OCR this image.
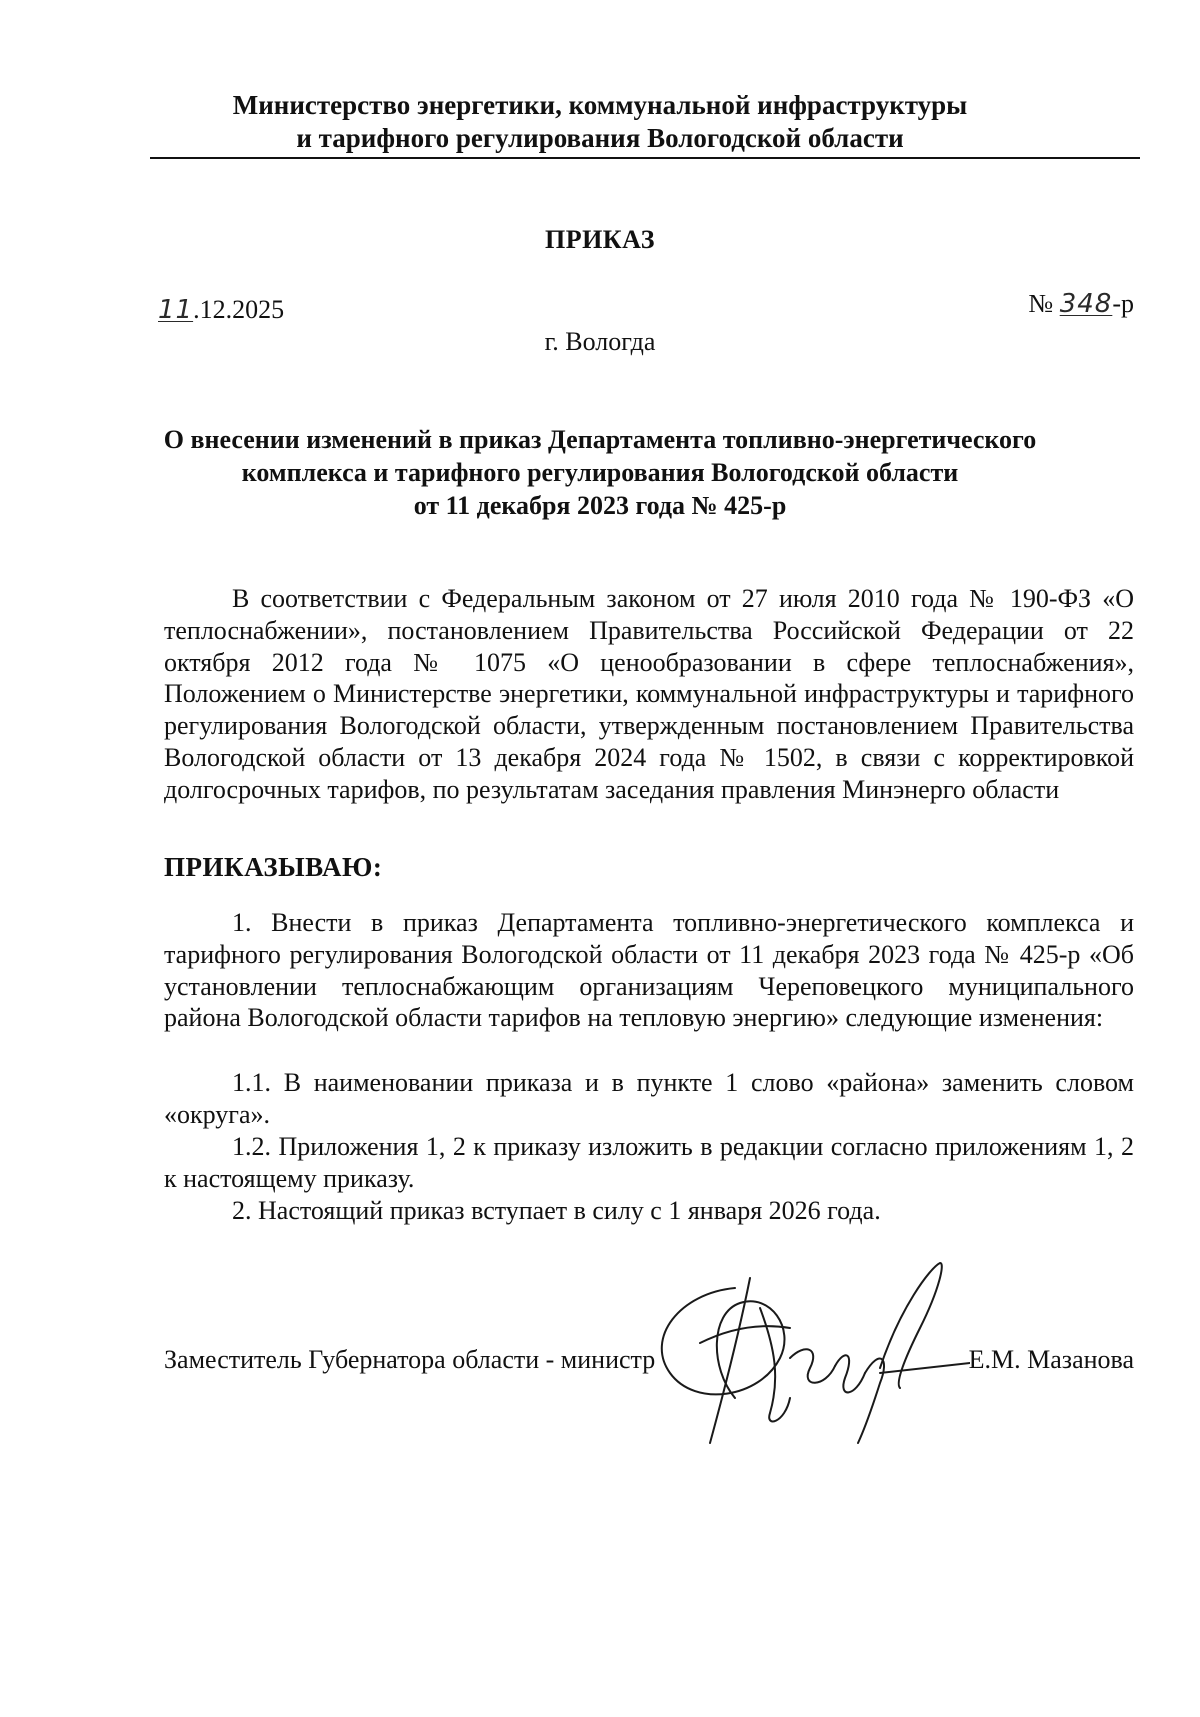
Министерство энергетики, коммунальной инфраструктуры
и тарифного регулирования Вологодской области
ПРИКАЗ
11.12.2025	№ 348-р
г. Вологда
О внесении изменений в приказ Департамента топливно-энергетического
комплекса и тарифного регулирования Вологодской области
от 11 декабря 2023 года № 425-р
В соответствии с Федеральным законом от 27 июля 2010 года № 190-ФЗ «О теплоснабжении», постановлением Правительства Российской Федерации от 22 октября 2012 года № 1075 «О ценообразовании в сфере теплоснабжения», Положением о Министерстве энергетики, коммунальной инфраструктуры и тарифного регулирования Вологодской области, утвержденным постановлением Правительства Вологодской области от 13 декабря 2024 года № 1502, в связи с корректировкой долгосрочных тарифов, по результатам заседания правления Минэнерго области
ПРИКАЗЫВАЮ:
1. Внести в приказ Департамента топливно-энергетического комплекса и тарифного регулирования Вологодской области от 11 декабря 2023 года № 425-р «Об установлении теплоснабжающим организациям Череповецкого муниципального района Вологодской области тарифов на тепловую энергию» следующие изменения:
1.1. В наименовании приказа и в пункте 1 слово «района» заменить словом «округа».
1.2. Приложения 1, 2 к приказу изложить в редакции согласно приложениям 1, 2 к настоящему приказу.
2. Настоящий приказ вступает в силу с 1 января 2026 года.
Заместитель Губернатора области - министр	Е.М. Мазанова
